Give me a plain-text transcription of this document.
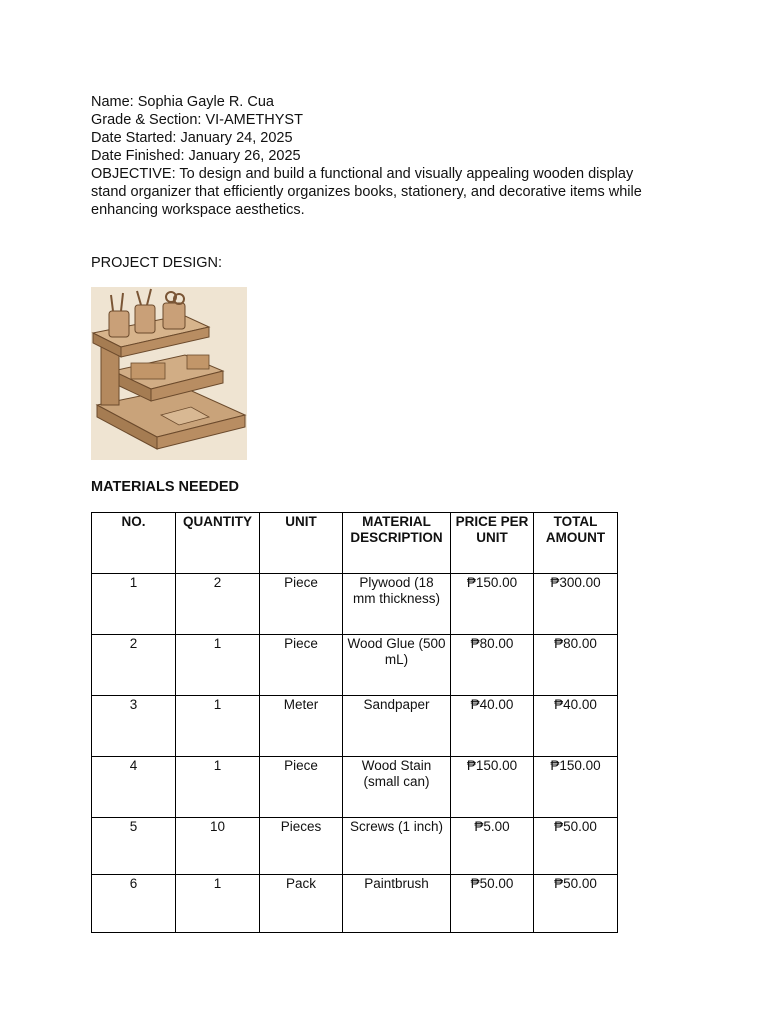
Name: Sophia Gayle R. Cua

Grade & Section: VI-AMETHYST

Date Started: January 24, 2025

Date Finished: January 26, 2025

OBJECTIVE: To design and build a functional and visually appealing wooden display stand organizer that efficiently organizes books, stationery, and decorative items while enhancing workspace aesthetics.

PROJECT DESIGN:

MATERIALS NEEDED

NO.	QUANTITY	UNIT	MATERIAL DESCRIPTION	PRICE PER UNIT	TOTAL AMOUNT
1	2	Piece	Plywood (18 mm thickness)	₱150.00	₱300.00
2	1	Piece	Wood Glue (500 mL)	₱80.00	₱80.00
3	1	Meter	Sandpaper	₱40.00	₱40.00
4	1	Piece	Wood Stain (small can)	₱150.00	₱150.00
5	10	Pieces	Screws (1 inch)	₱5.00	₱50.00
6	1	Pack	Paintbrush	₱50.00	₱50.00
